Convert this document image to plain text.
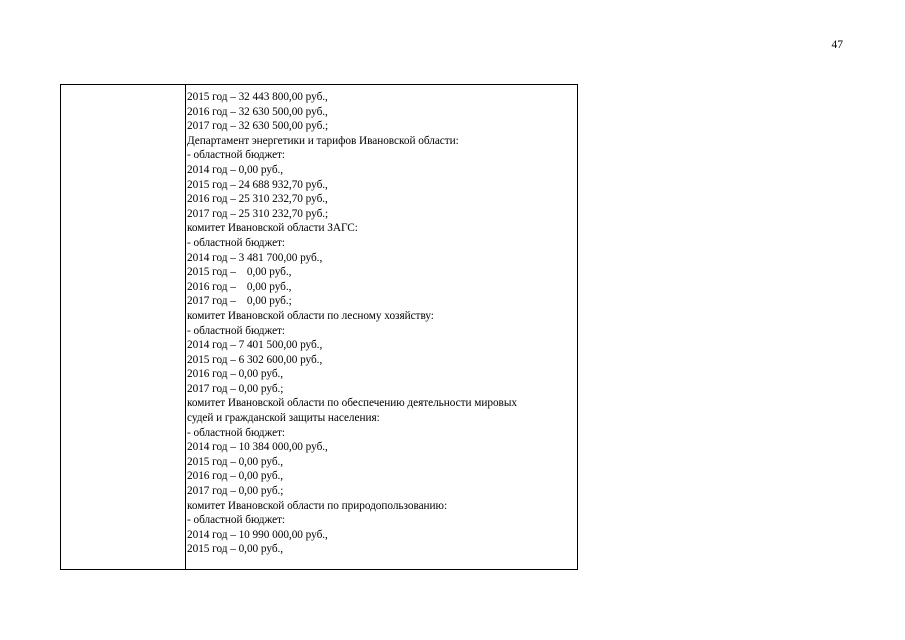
47
2015 год – 32 443 800,00 руб.,
2016 год – 32 630 500,00 руб.,
2017 год – 32 630 500,00 руб.;
Департамент энергетики и тарифов Ивановской области:
- областной бюджет:
2014 год – 0,00 руб.,
2015 год – 24 688 932,70 руб.,
2016 год – 25 310 232,70 руб.,
2017 год – 25 310 232,70 руб.;
комитет Ивановской области ЗАГС:
- областной бюджет:
2014 год – 3 481 700,00 руб.,
2015 год –    0,00 руб.,
2016 год –    0,00 руб.,
2017 год –    0,00 руб.;
комитет Ивановской области по лесному хозяйству:
- областной бюджет:
2014 год – 7 401 500,00 руб.,
2015 год – 6 302 600,00 руб.,
2016 год – 0,00 руб.,
2017 год – 0,00 руб.;
комитет Ивановской области по обеспечению деятельности мировых
судей и гражданской защиты населения:
- областной бюджет:
2014 год – 10 384 000,00 руб.,
2015 год – 0,00 руб.,
2016 год – 0,00 руб.,
2017 год – 0,00 руб.;
комитет Ивановской области по природопользованию:
- областной бюджет:
2014 год – 10 990 000,00 руб.,
2015 год – 0,00 руб.,
